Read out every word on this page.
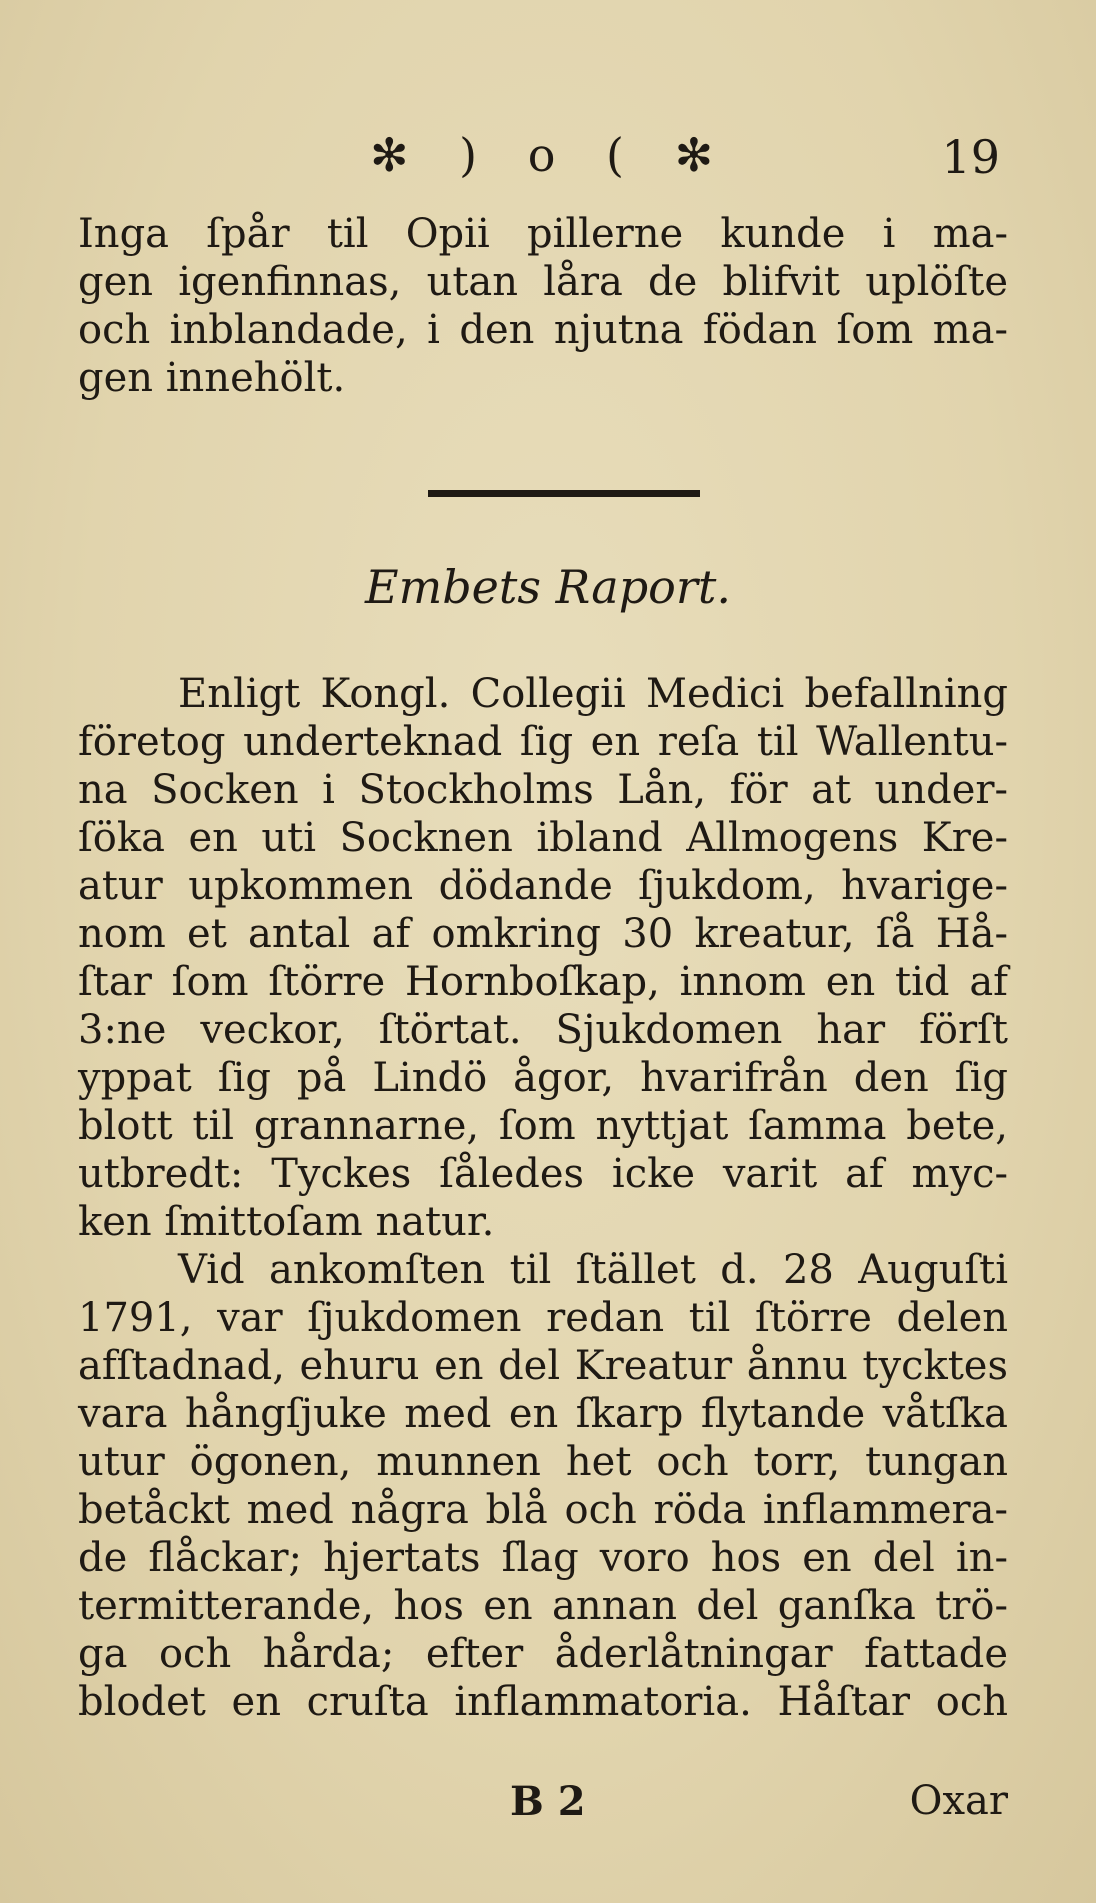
✻ ) o ( ✻	19
Inga ſpår til Opii pillerne kunde i ma-
gen igenfinnas, utan låra de blifvit uplöſte
och inblandade, i den njutna födan ſom ma-
gen innehölt.
Embets Raport.
Enligt Kongl. Collegii Medici befallning
företog underteknad ſig en reſa til Wallentu-
na Socken i Stockholms Lån, för at under-
ſöka en uti Socknen ibland Allmogens Kre-
atur upkommen dödande ſjukdom, hvarige-
nom et antal af omkring 30 kreatur, ſå Hå-
ſtar ſom ſtörre Hornboſkap, innom en tid af
3:ne veckor, ſtörtat. Sjukdomen har förſt
yppat ſig på Lindö ågor, hvarifrån den ſig
blott til grannarne, ſom nyttjat ſamma bete,
utbredt: Tyckes ſåledes icke varit af myc-
ken ſmittoſam natur.
Vid ankomſten til ſtället d. 28 Auguſti
1791, var ſjukdomen redan til ſtörre delen
afſtadnad, ehuru en del Kreatur ånnu tycktes
vara hångſjuke med en ſkarp flytande våtſka
utur ögonen, munnen het och torr, tungan
betåckt med några blå och röda inflammera-
de flåckar; hjertats ſlag voro hos en del in-
termitterande, hos en annan del ganſka trö-
ga och hårda; efter åderlåtningar fattade
blodet en cruſta inflammatoria. Håſtar och
B 2	Oxar
